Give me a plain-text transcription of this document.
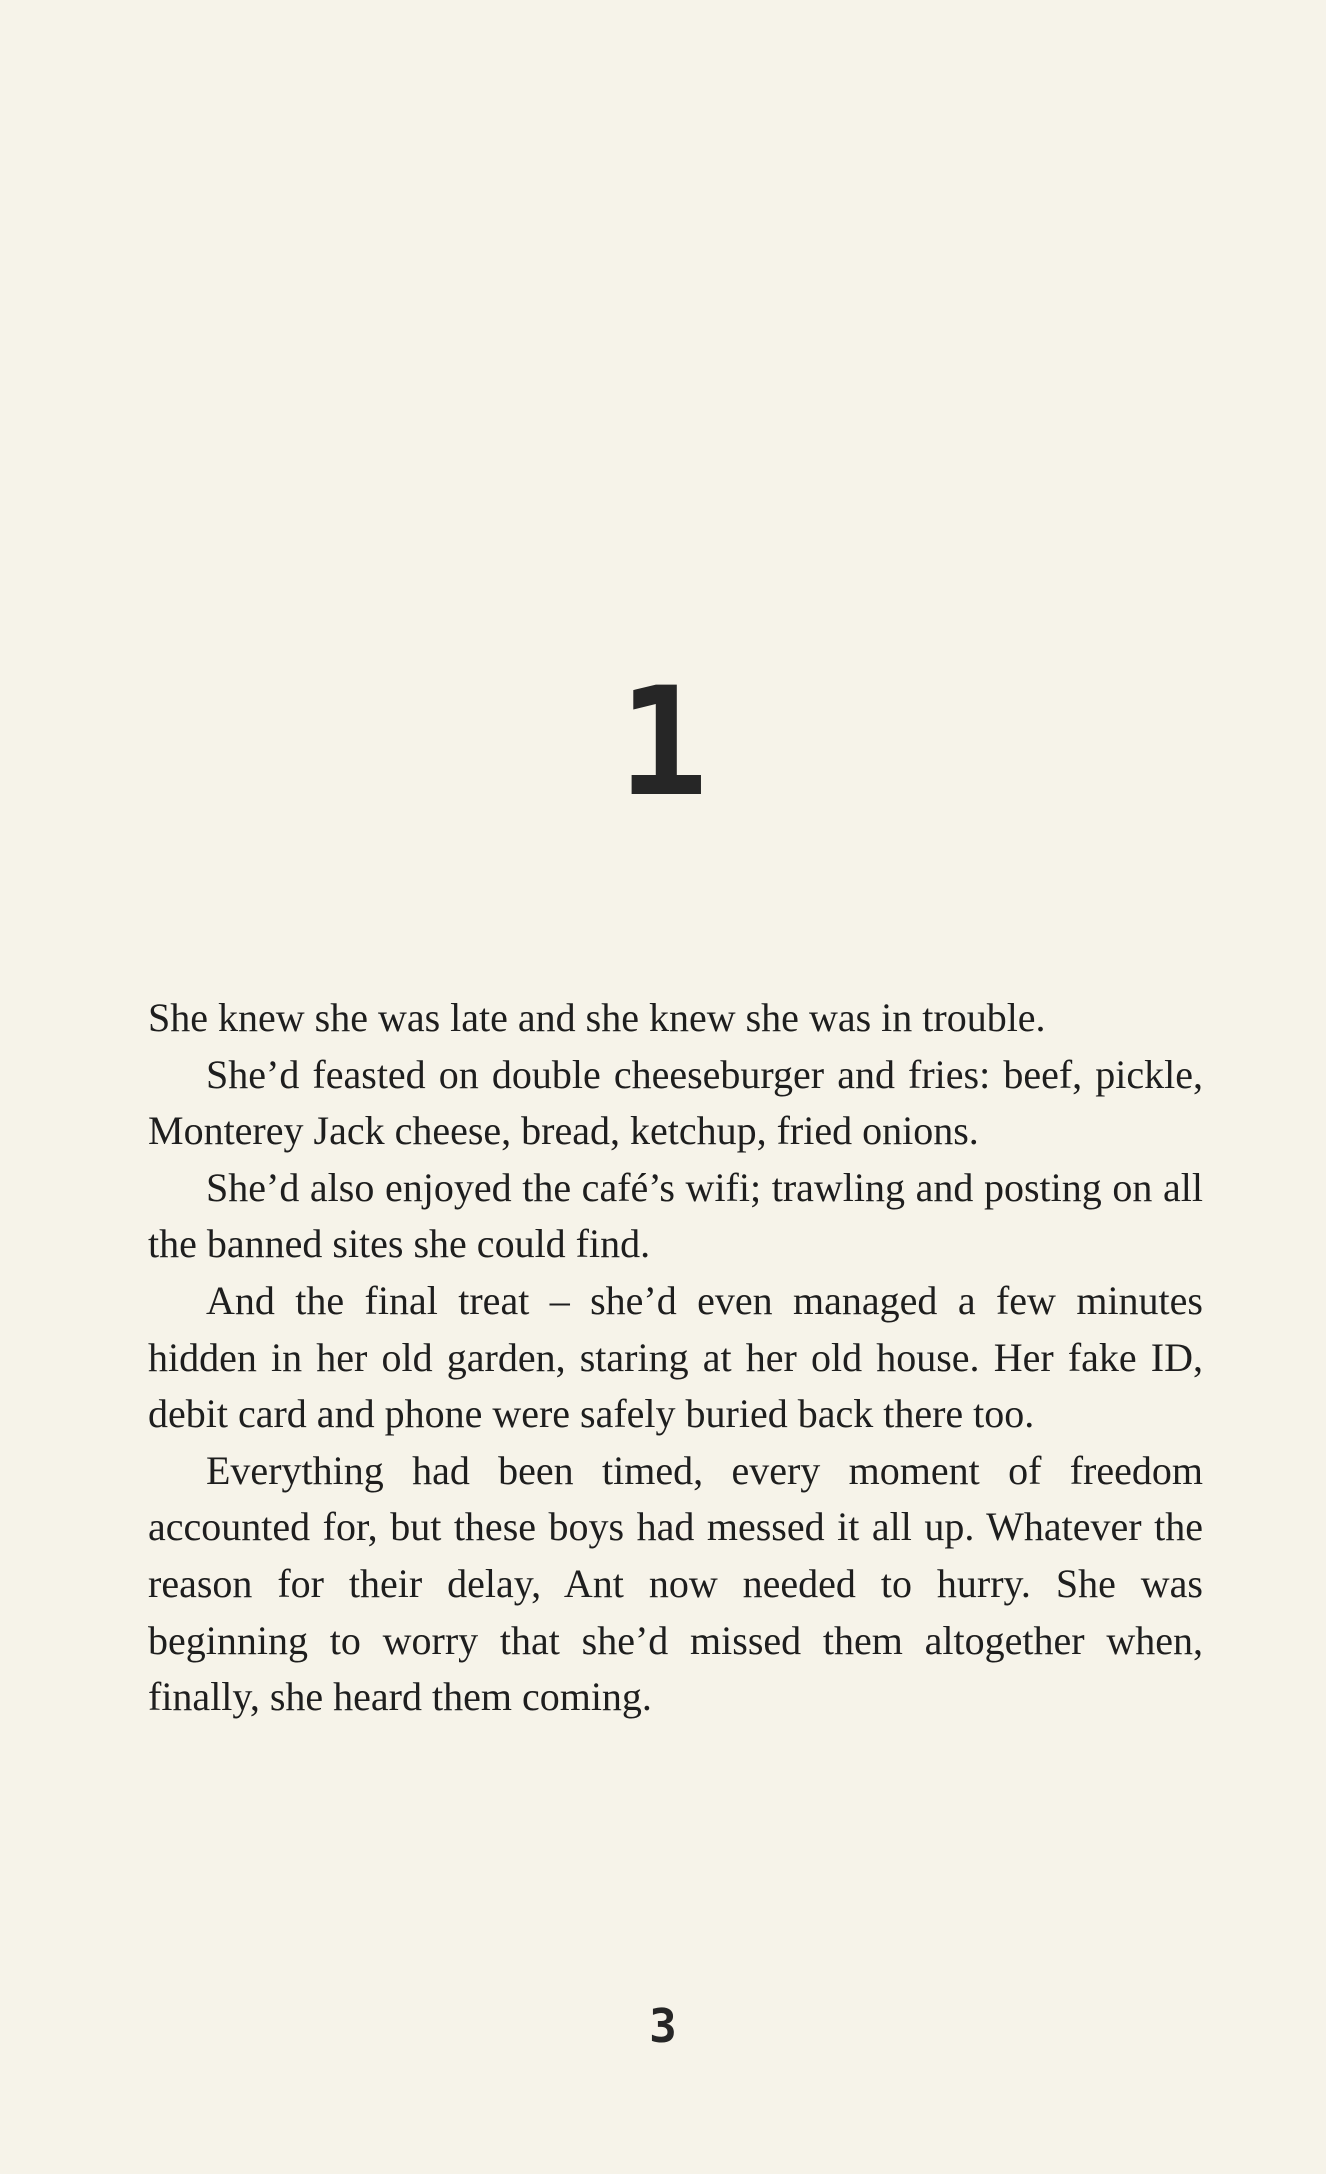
1

She knew she was late and she knew she was in trouble.

She’d feasted on double cheeseburger and fries: beef, pickle, Monterey Jack cheese, bread, ketchup, fried onions.

She’d also enjoyed the café’s wifi; trawling and posting on all the banned sites she could find.

And the final treat – she’d even managed a few minutes hidden in her old garden, staring at her old house. Her fake ID, debit card and phone were safely buried back there too.

Everything had been timed, every moment of freedom accounted for, but these boys had messed it all up. Whatever the reason for their delay, Ant now needed to hurry. She was beginning to worry that she’d missed them altogether when, finally, she heard them coming.

3
